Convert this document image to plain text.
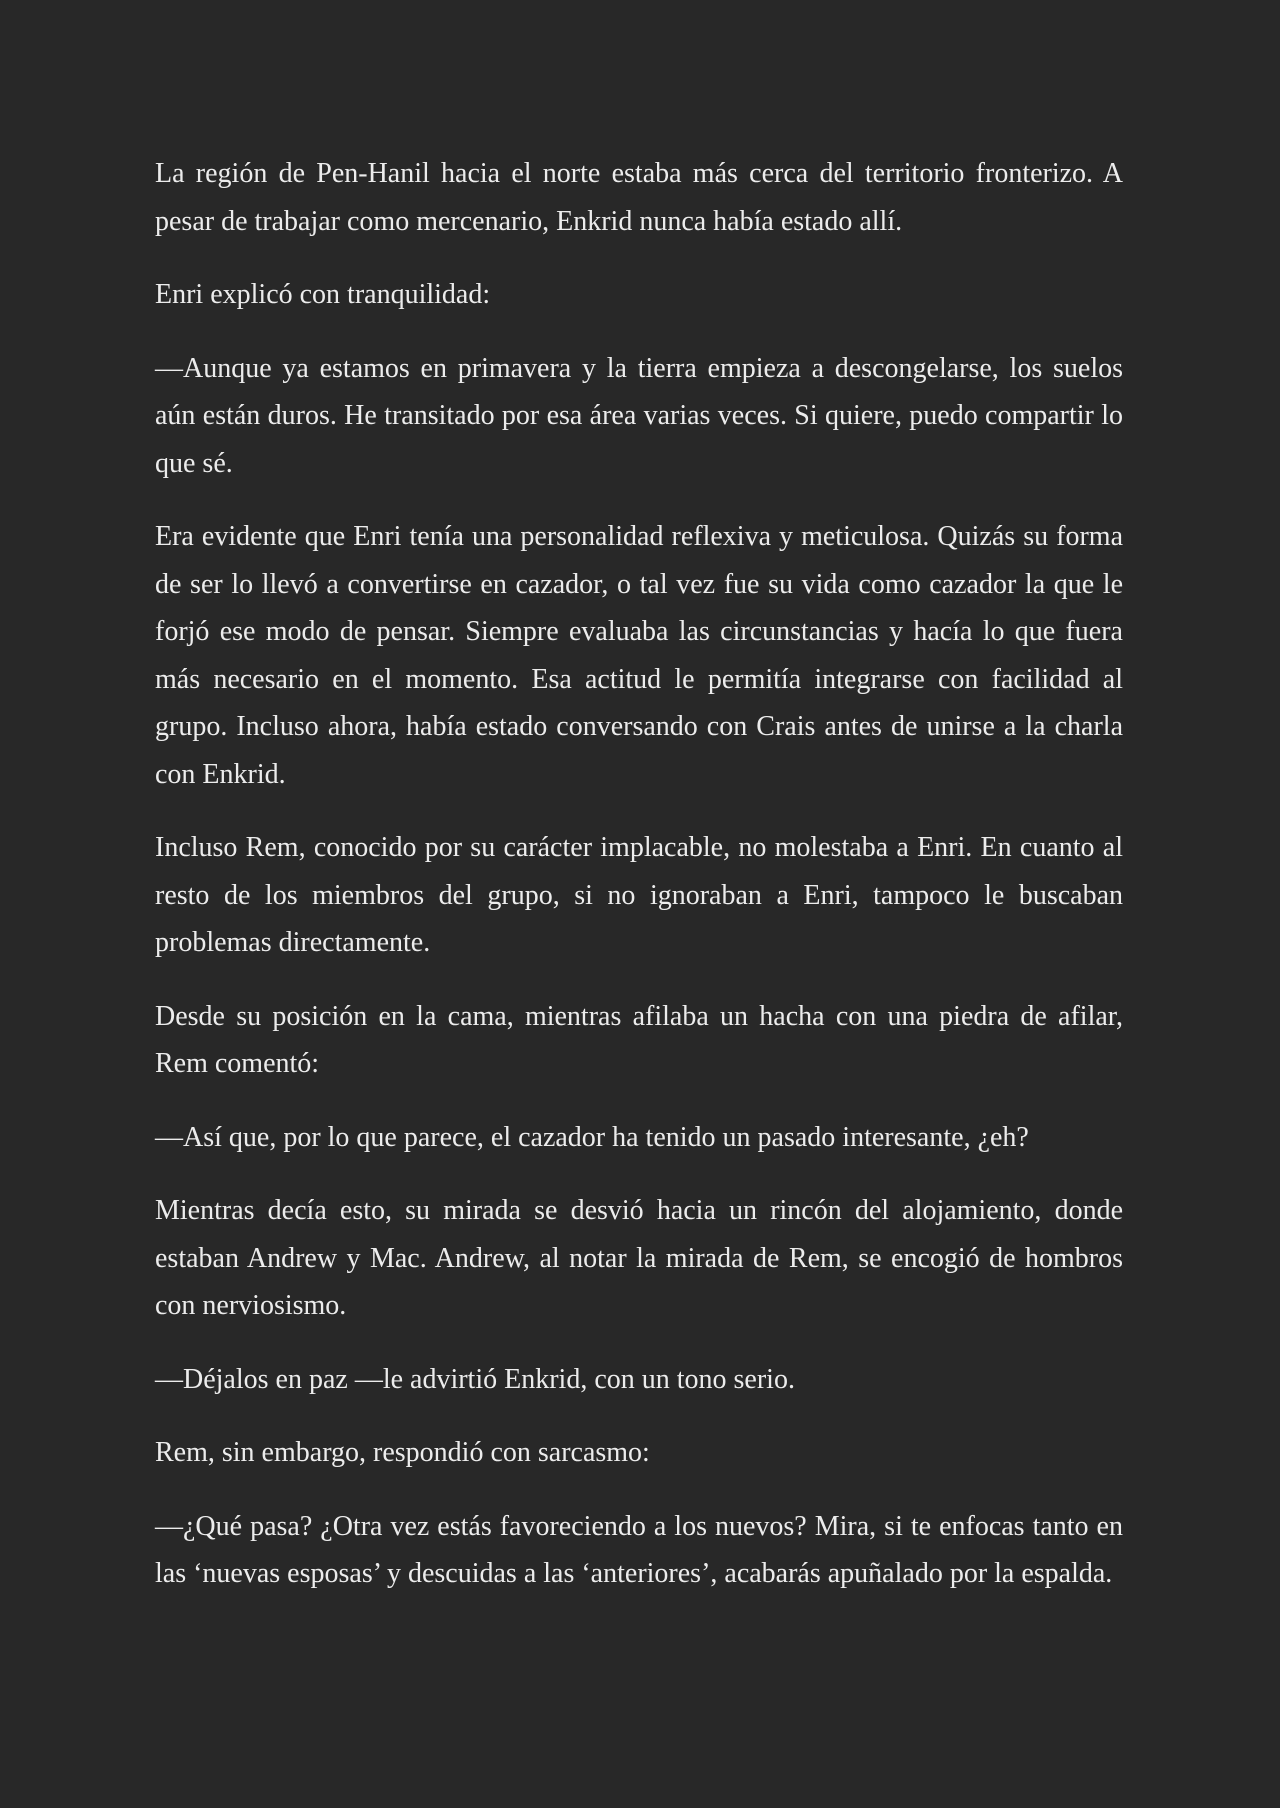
La región de Pen-Hanil hacia el norte estaba más cerca del territorio fronterizo. A pesar de trabajar como mercenario, Enkrid nunca había estado allí.

Enri explicó con tranquilidad:

—Aunque ya estamos en primavera y la tierra empieza a descongelarse, los suelos aún están duros. He transitado por esa área varias veces. Si quiere, puedo compartir lo que sé.

Era evidente que Enri tenía una personalidad reflexiva y meticulosa. Quizás su forma de ser lo llevó a convertirse en cazador, o tal vez fue su vida como cazador la que le forjó ese modo de pensar. Siempre evaluaba las circunstancias y hacía lo que fuera más necesario en el momento. Esa actitud le permitía integrarse con facilidad al grupo. Incluso ahora, había estado conversando con Crais antes de unirse a la charla con Enkrid.

Incluso Rem, conocido por su carácter implacable, no molestaba a Enri. En cuanto al resto de los miembros del grupo, si no ignoraban a Enri, tampoco le buscaban problemas directamente.

Desde su posición en la cama, mientras afilaba un hacha con una piedra de afilar, Rem comentó:

—Así que, por lo que parece, el cazador ha tenido un pasado interesante, ¿eh?

Mientras decía esto, su mirada se desvió hacia un rincón del alojamiento, donde estaban Andrew y Mac. Andrew, al notar la mirada de Rem, se encogió de hombros con nerviosismo.

—Déjalos en paz —le advirtió Enkrid, con un tono serio.

Rem, sin embargo, respondió con sarcasmo:

—¿Qué pasa? ¿Otra vez estás favoreciendo a los nuevos? Mira, si te enfocas tanto en las ‘nuevas esposas’ y descuidas a las ‘anteriores’, acabarás apuñalado por la espalda.
